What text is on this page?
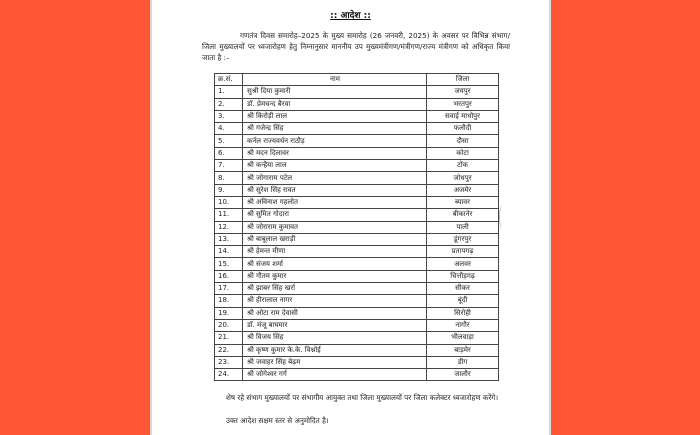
:: आदेश ::
गणतंत्र दिवस समारोह–2025 के मुख्य समारोह (26 जनवरी, 2025) के अवसर पर विभिन्न संभाग/जिला मुख्यालयों पर ध्वजारोहण हेतु निम्नानुसार माननीय उप मुख्यमंत्रीगण/मंत्रीगण/राज्य मंत्रीगण को अधिकृत किया जाता है :–
क्र.सं.	नाम	जिला
1.	सुश्री दिया कुमारी	जयपुर
2.	डॉ. प्रेमचन्द बैरवा	भरतपुर
3.	श्री किरोड़ी लाल	सवाई माधोपुर
4.	श्री गजेन्द्र सिंह	फलौदी
5.	कर्नल राज्यवर्धन राठौड़	दौसा
6.	श्री मदन दिलावर	कोटा
7.	श्री कन्हैया लाल	टोंक
8.	श्री जोगाराम पटेल	जोधपुर
9.	श्री सुरेश सिंह रावत	अजमेर
10.	श्री अविनाश गहलोत	ब्यावर
11.	श्री सुमित गोदारा	बीकानेर
12.	श्री जोराराम कुमावत	पाली
13.	श्री बाबूलाल खराड़ी	डूंगरपुर
14.	श्री हेमन्त मीणा	प्रतापगढ़
15.	श्री संजय शर्मा	अलवर
16.	श्री गौतम कुमार	चित्तौड़गढ़
17.	श्री झाबर सिंह खर्रा	सीकर
18.	श्री हीरालाल नागर	बूंदी
19.	श्री ओटा राम देवासी	सिरोही
20.	डॉ. मंजू बाघमार	नागौर
21.	श्री विजय सिंह	भीलवाड़ा
22.	श्री कृष्ण कुमार के.के. विश्नोई	बाड़मेर
23.	श्री जवाहर सिंह बेढ़म	डीग
24.	श्री जोगेश्वर गर्ग	जालौर
शेष रहे संभाग मुख्यालयों पर संभागीय आयुक्त तथा जिला मुख्यालयों पर जिला कलेक्टर ध्वजारोहण करेंगे।
उक्त आदेश सक्षम स्तर से अनुमोदित है।
